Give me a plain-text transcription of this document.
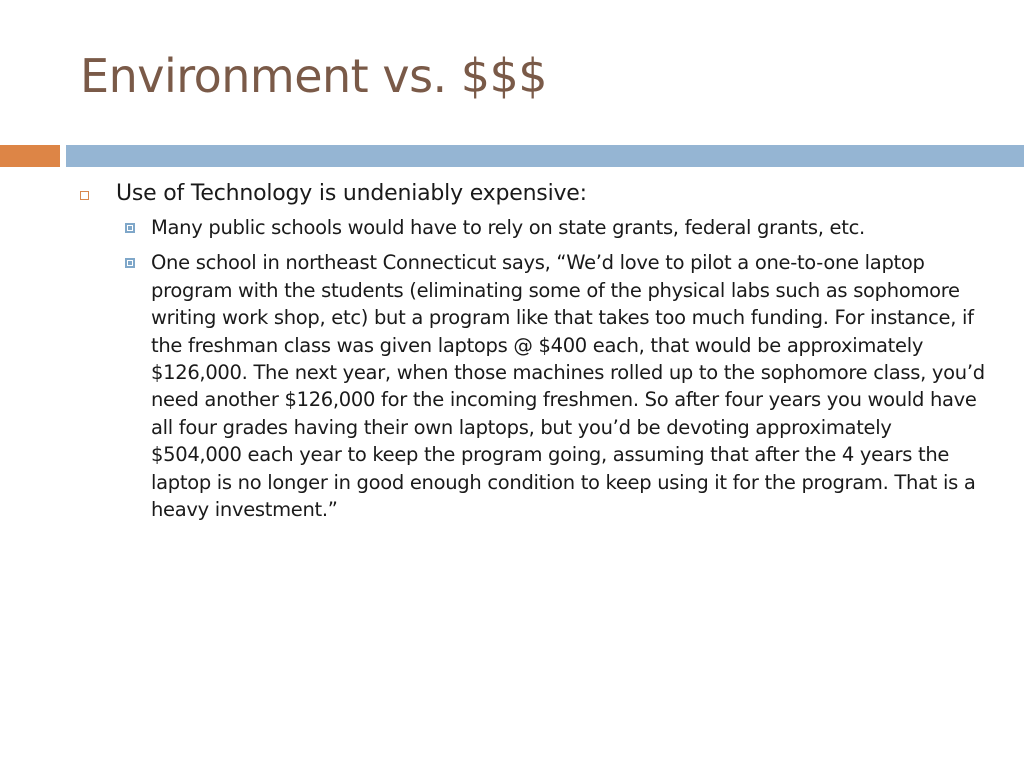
Environment vs. $$$
Use of Technology is undeniably expensive:
Many public schools would have to rely on state grants, federal grants, etc.
One school in northeast Connecticut says, “We’d love to pilot a one-to-one laptop program with the students (eliminating some of the physical labs such as sophomore writing work shop, etc) but a program like that takes too much funding. For instance, if the freshman class was given laptops @ $400 each, that would be approximately $126,000. The next year, when those machines rolled up to the sophomore class, you’d need another $126,000 for the incoming freshmen. So after four years you would have all four grades having their own laptops, but you’d be devoting approximately $504,000 each year to keep the program going, assuming that after the 4 years the laptop is no longer in good enough condition to keep using it for the program. That is a heavy investment.”
